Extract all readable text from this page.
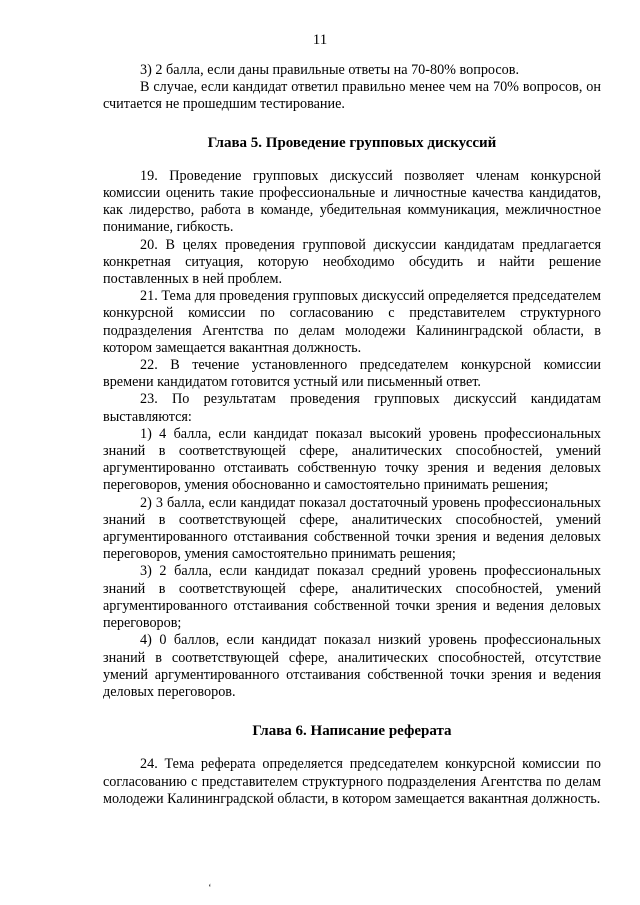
11

3) 2 балла, если даны правильные ответы на 70-80% вопросов.

В случае, если кандидат ответил правильно менее чем на 70% вопросов, он считается не прошедшим тестирование.

Глава 5. Проведение групповых дискуссий

19. Проведение групповых дискуссий позволяет членам конкурсной комиссии оценить такие профессиональные и личностные качества кандидатов, как лидерство, работа в команде, убедительная коммуникация, межличностное понимание, гибкость.

20. В целях проведения групповой дискуссии кандидатам предлагается конкретная ситуация, которую необходимо обсудить и найти решение поставленных в ней проблем.

21. Тема для проведения групповых дискуссий определяется председателем конкурсной комиссии по согласованию с представителем структурного подразделения Агентства по делам молодежи Калининградской области, в котором замещается вакантная должность.

22. В течение установленного председателем конкурсной комиссии времени кандидатом готовится устный или письменный ответ.

23. По результатам проведения групповых дискуссий кандидатам выставляются:

1) 4 балла, если кандидат показал высокий уровень профессиональных знаний в соответствующей сфере, аналитических способностей, умений аргументированно отстаивать собственную точку зрения и ведения деловых переговоров, умения обоснованно и самостоятельно принимать решения;

2) 3 балла, если кандидат показал достаточный уровень профессиональных знаний в соответствующей сфере, аналитических способностей, умений аргументированного отстаивания собственной точки зрения и ведения деловых переговоров, умения самостоятельно принимать решения;

3) 2 балла, если кандидат показал средний уровень профессиональных знаний в соответствующей сфере, аналитических способностей, умений аргументированного отстаивания собственной точки зрения и ведения деловых переговоров;

4) 0 баллов, если кандидат показал низкий уровень профессиональных знаний в соответствующей сфере, аналитических способностей, отсутствие умений аргументированного отстаивания собственной точки зрения и ведения деловых переговоров.

Глава 6. Написание реферата

24. Тема реферата определяется председателем конкурсной комиссии по согласованию с представителем структурного подразделения Агентства по делам молодежи Калининградской области, в котором замещается вакантная должность.

ʻ
